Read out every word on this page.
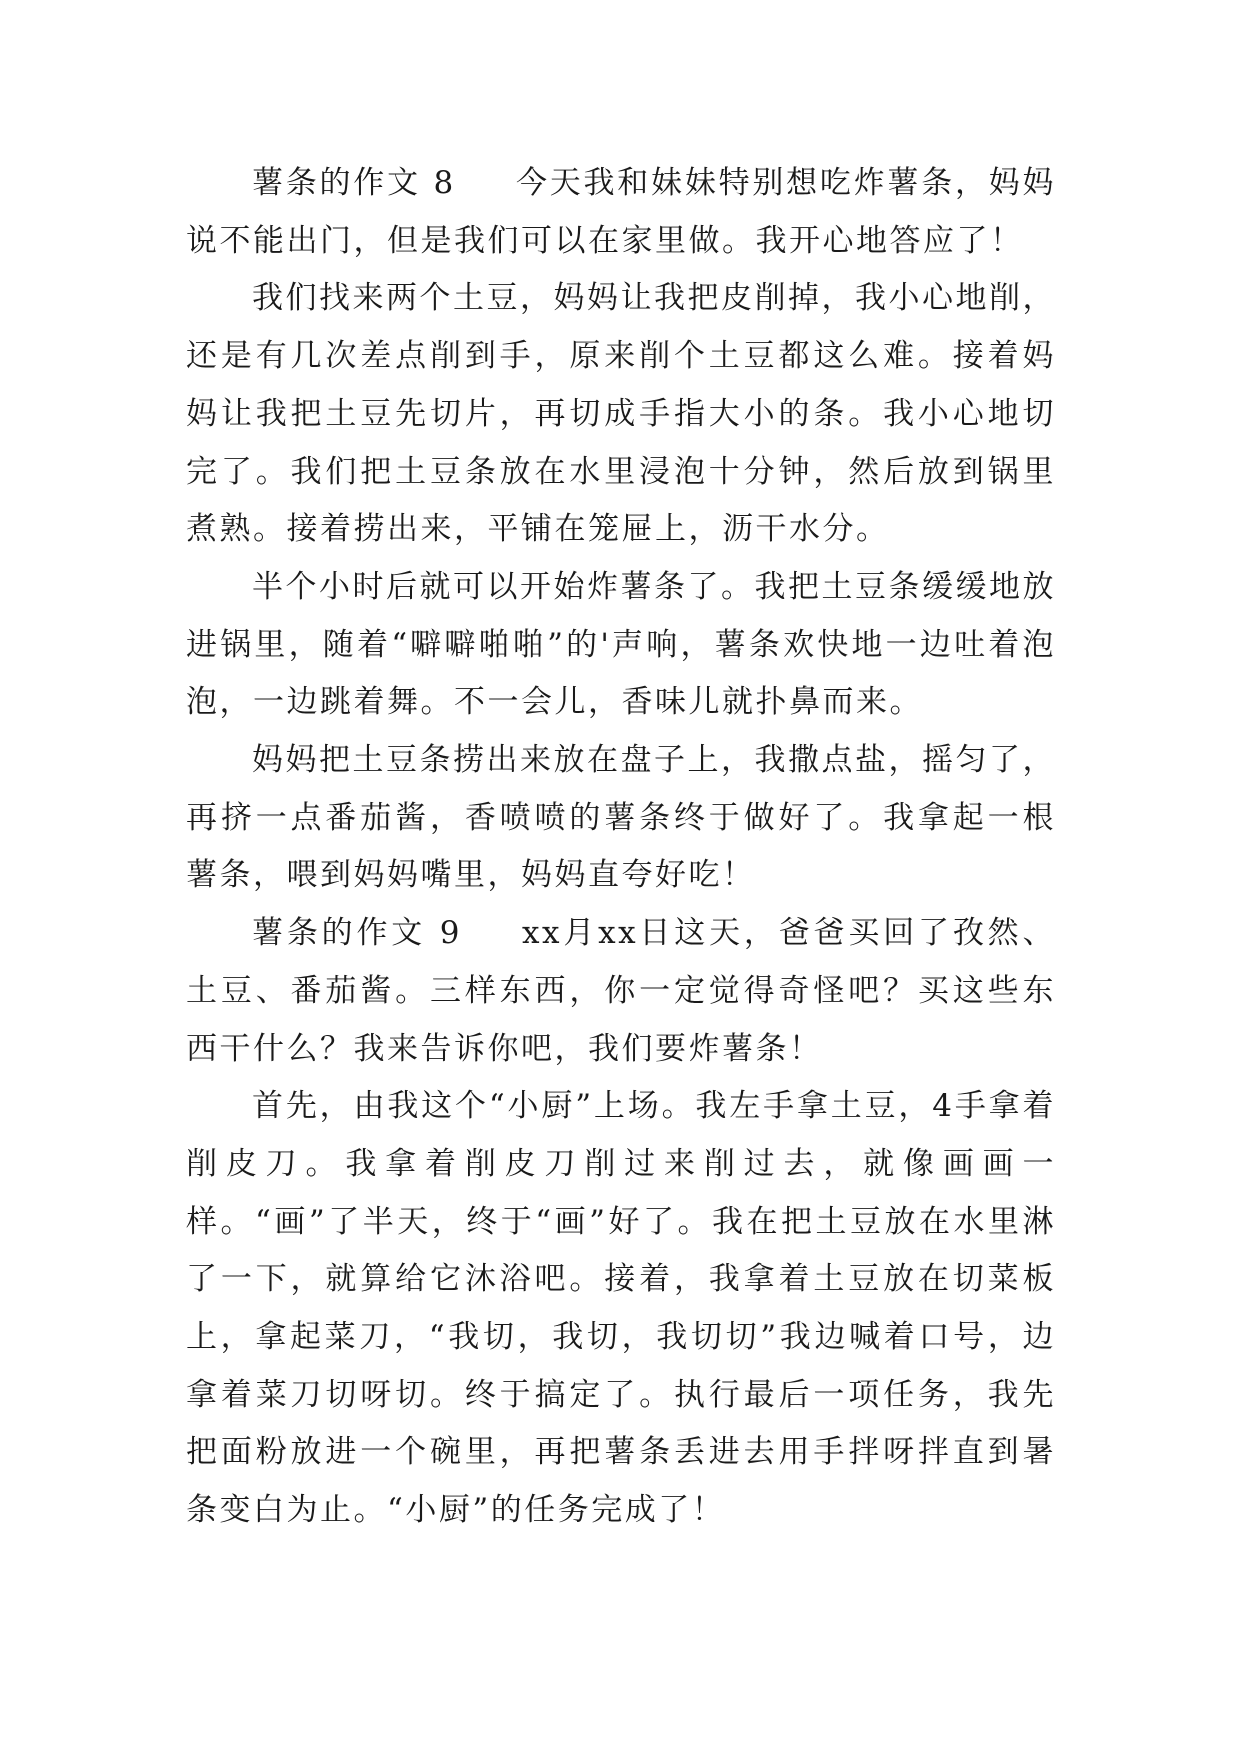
薯条的作文 8 今天我和妹妹特别想吃炸薯条，妈妈说不能出门，但是我们可以在家里做。我开心地答应了！

我们找来两个土豆，妈妈让我把皮削掉，我小心地削，还是有几次差点削到手，原来削个土豆都这么难。接着妈妈让我把土豆先切片，再切成手指大小的条。我小心地切完了。我们把土豆条放在水里浸泡十分钟，然后放到锅里煮熟。接着捞出来，平铺在笼屉上，沥干水分。

半个小时后就可以开始炸薯条了。我把土豆条缓缓地放进锅里，随着“噼噼啪啪”的'声响，薯条欢快地一边吐着泡泡，一边跳着舞。不一会儿，香味儿就扑鼻而来。

妈妈把土豆条捞出来放在盘子上，我撒点盐，摇匀了，再挤一点番茄酱，香喷喷的薯条终于做好了。我拿起一根薯条，喂到妈妈嘴里，妈妈直夸好吃！

薯条的作文 9 xx月xx日这天，爸爸买回了孜然、土豆、番茄酱。三样东西，你一定觉得奇怪吧？买这些东西干什么？我来告诉你吧，我们要炸薯条！

首先，由我这个“小厨”上场。我左手拿土豆，4手拿着削皮刀。我拿着削皮刀削过来削过去，就像画画一样。“画”了半天，终于“画”好了。我在把土豆放在水里淋了一下，就算给它沐浴吧。接着，我拿着土豆放在切菜板上，拿起菜刀，“我切，我切，我切切”我边喊着口号，边拿着菜刀切呀切。终于搞定了。执行最后一项任务，我先把面粉放进一个碗里，再把薯条丢进去用手拌呀拌直到暑条变白为止。“小厨”的任务完成了！
